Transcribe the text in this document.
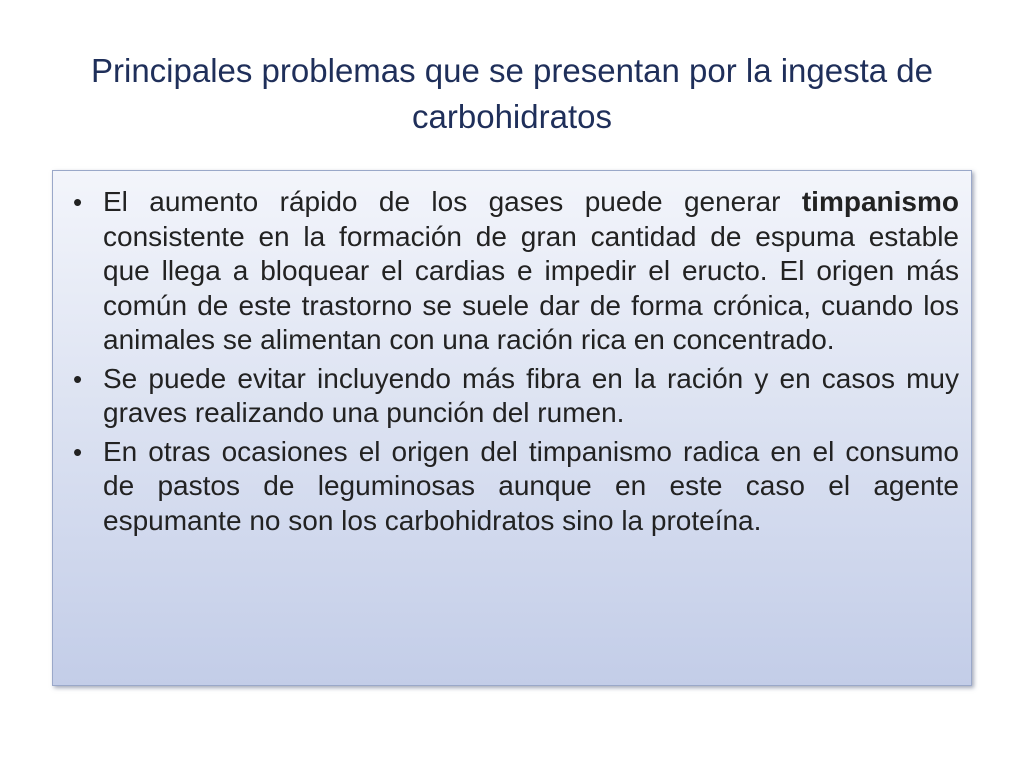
Principales problemas que se presentan por la ingesta de carbohidratos
• El aumento rápido de los gases puede generar timpanismo consistente en la formación de gran cantidad de espuma estable que llega a bloquear el cardias e impedir el eructo. El origen más común de este trastorno se suele dar de forma crónica, cuando los animales se alimentan con una ración rica en concentrado.
• Se puede evitar incluyendo más fibra en la ración y en casos muy graves realizando una punción del rumen.
• En otras ocasiones el origen del timpanismo radica en el consumo de pastos de leguminosas aunque en este caso el agente espumante no son los carbohidratos sino la proteína.
